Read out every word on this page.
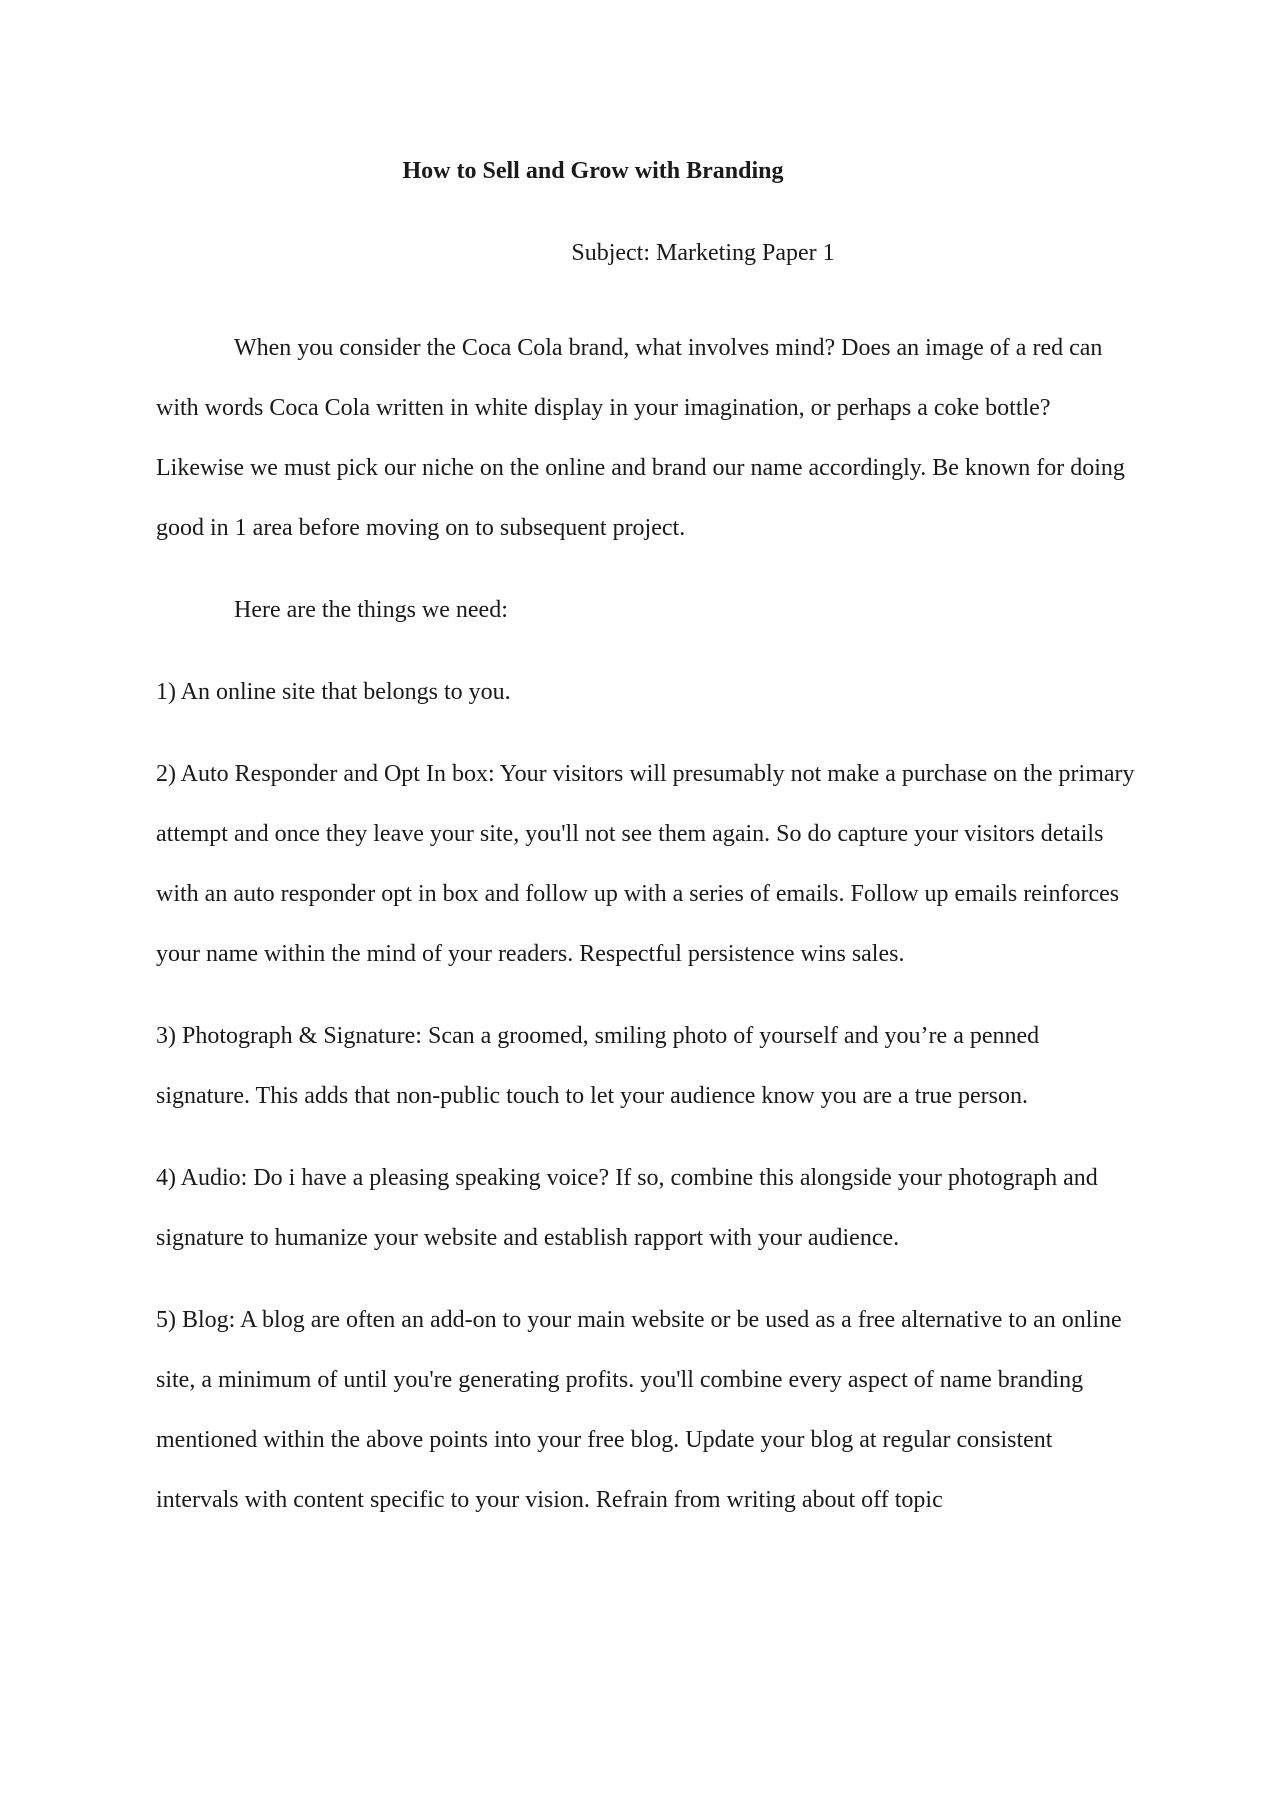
How to Sell and Grow with Branding
Subject: Marketing Paper 1

When you consider the Coca Cola brand, what involves mind? Does an image of a red can with words Coca Cola written in white display in your imagination, or perhaps a coke bottle? Likewise we must pick our niche on the online and brand our name accordingly. Be known for doing good in 1 area before moving on to subsequent project.

Here are the things we need:

1) An online site that belongs to you.

2) Auto Responder and Opt In box: Your visitors will presumably not make a purchase on the primary attempt and once they leave your site, you'll not see them again. So do capture your visitors details with an auto responder opt in box and follow up with a series of emails. Follow up emails reinforces your name within the mind of your readers. Respectful persistence wins sales.

3) Photograph & Signature: Scan a groomed, smiling photo of yourself and you’re a penned signature. This adds that non-public touch to let your audience know you are a true person.

4) Audio: Do i have a pleasing speaking voice? If so, combine this alongside your photograph and signature to humanize your website and establish rapport with your audience.

5) Blog: A blog are often an add-on to your main website or be used as a free alternative to an online site, a minimum of until you're generating profits. you'll combine every aspect of name branding mentioned within the above points into your free blog. Update your blog at regular consistent intervals with content specific to your vision. Refrain from writing about off topic
